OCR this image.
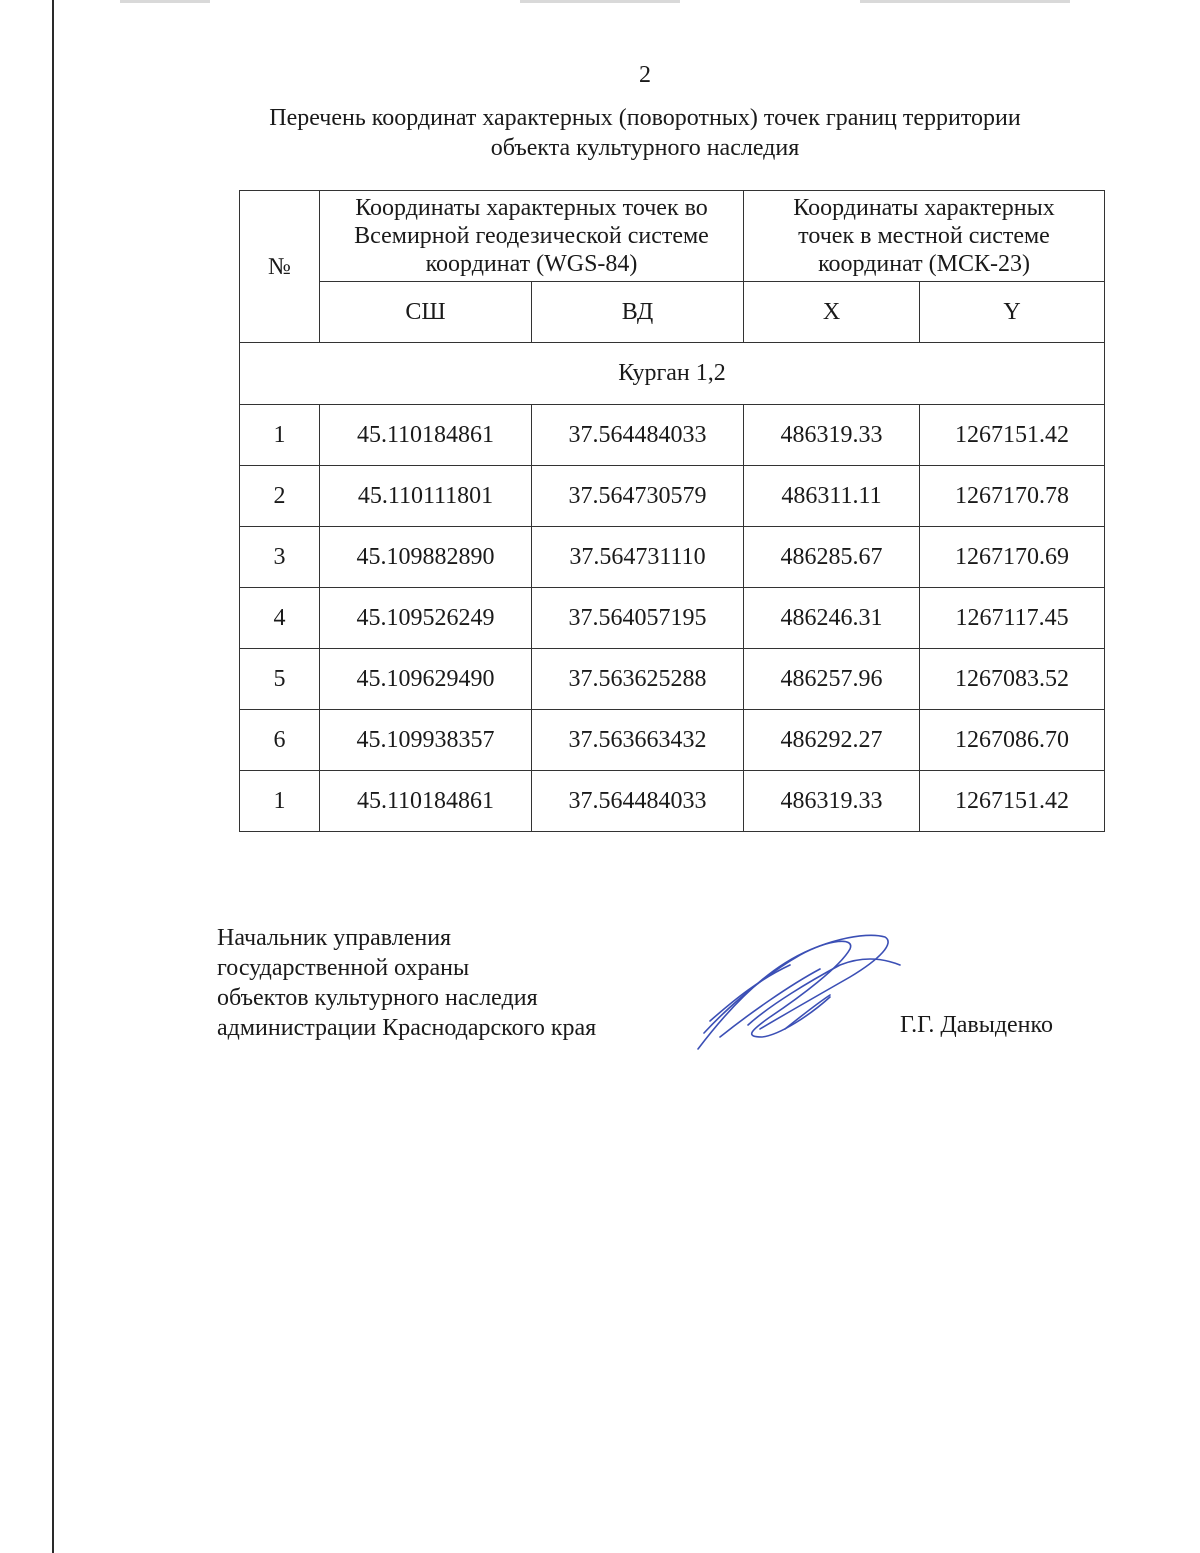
2
Перечень координат характерных (поворотных) точек границ территории
объекта культурного наследия
№	Координаты характерных точек во Всемирной геодезической системе координат (WGS-84)		Координаты характерных точек в местной системе координат (МСК-23)	
	СШ	ВД	X	Y
Курган 1,2				
1	45.110184861	37.564484033	486319.33	1267151.42
2	45.110111801	37.564730579	486311.11	1267170.78
3	45.109882890	37.564731110	486285.67	1267170.69
4	45.109526249	37.564057195	486246.31	1267117.45
5	45.109629490	37.563625288	486257.96	1267083.52
6	45.109938357	37.563663432	486292.27	1267086.70
1	45.110184861	37.564484033	486319.33	1267151.42
Начальник управления
государственной охраны
объектов культурного наследия
администрации Краснодарского края	Г.Г. Давыденко
